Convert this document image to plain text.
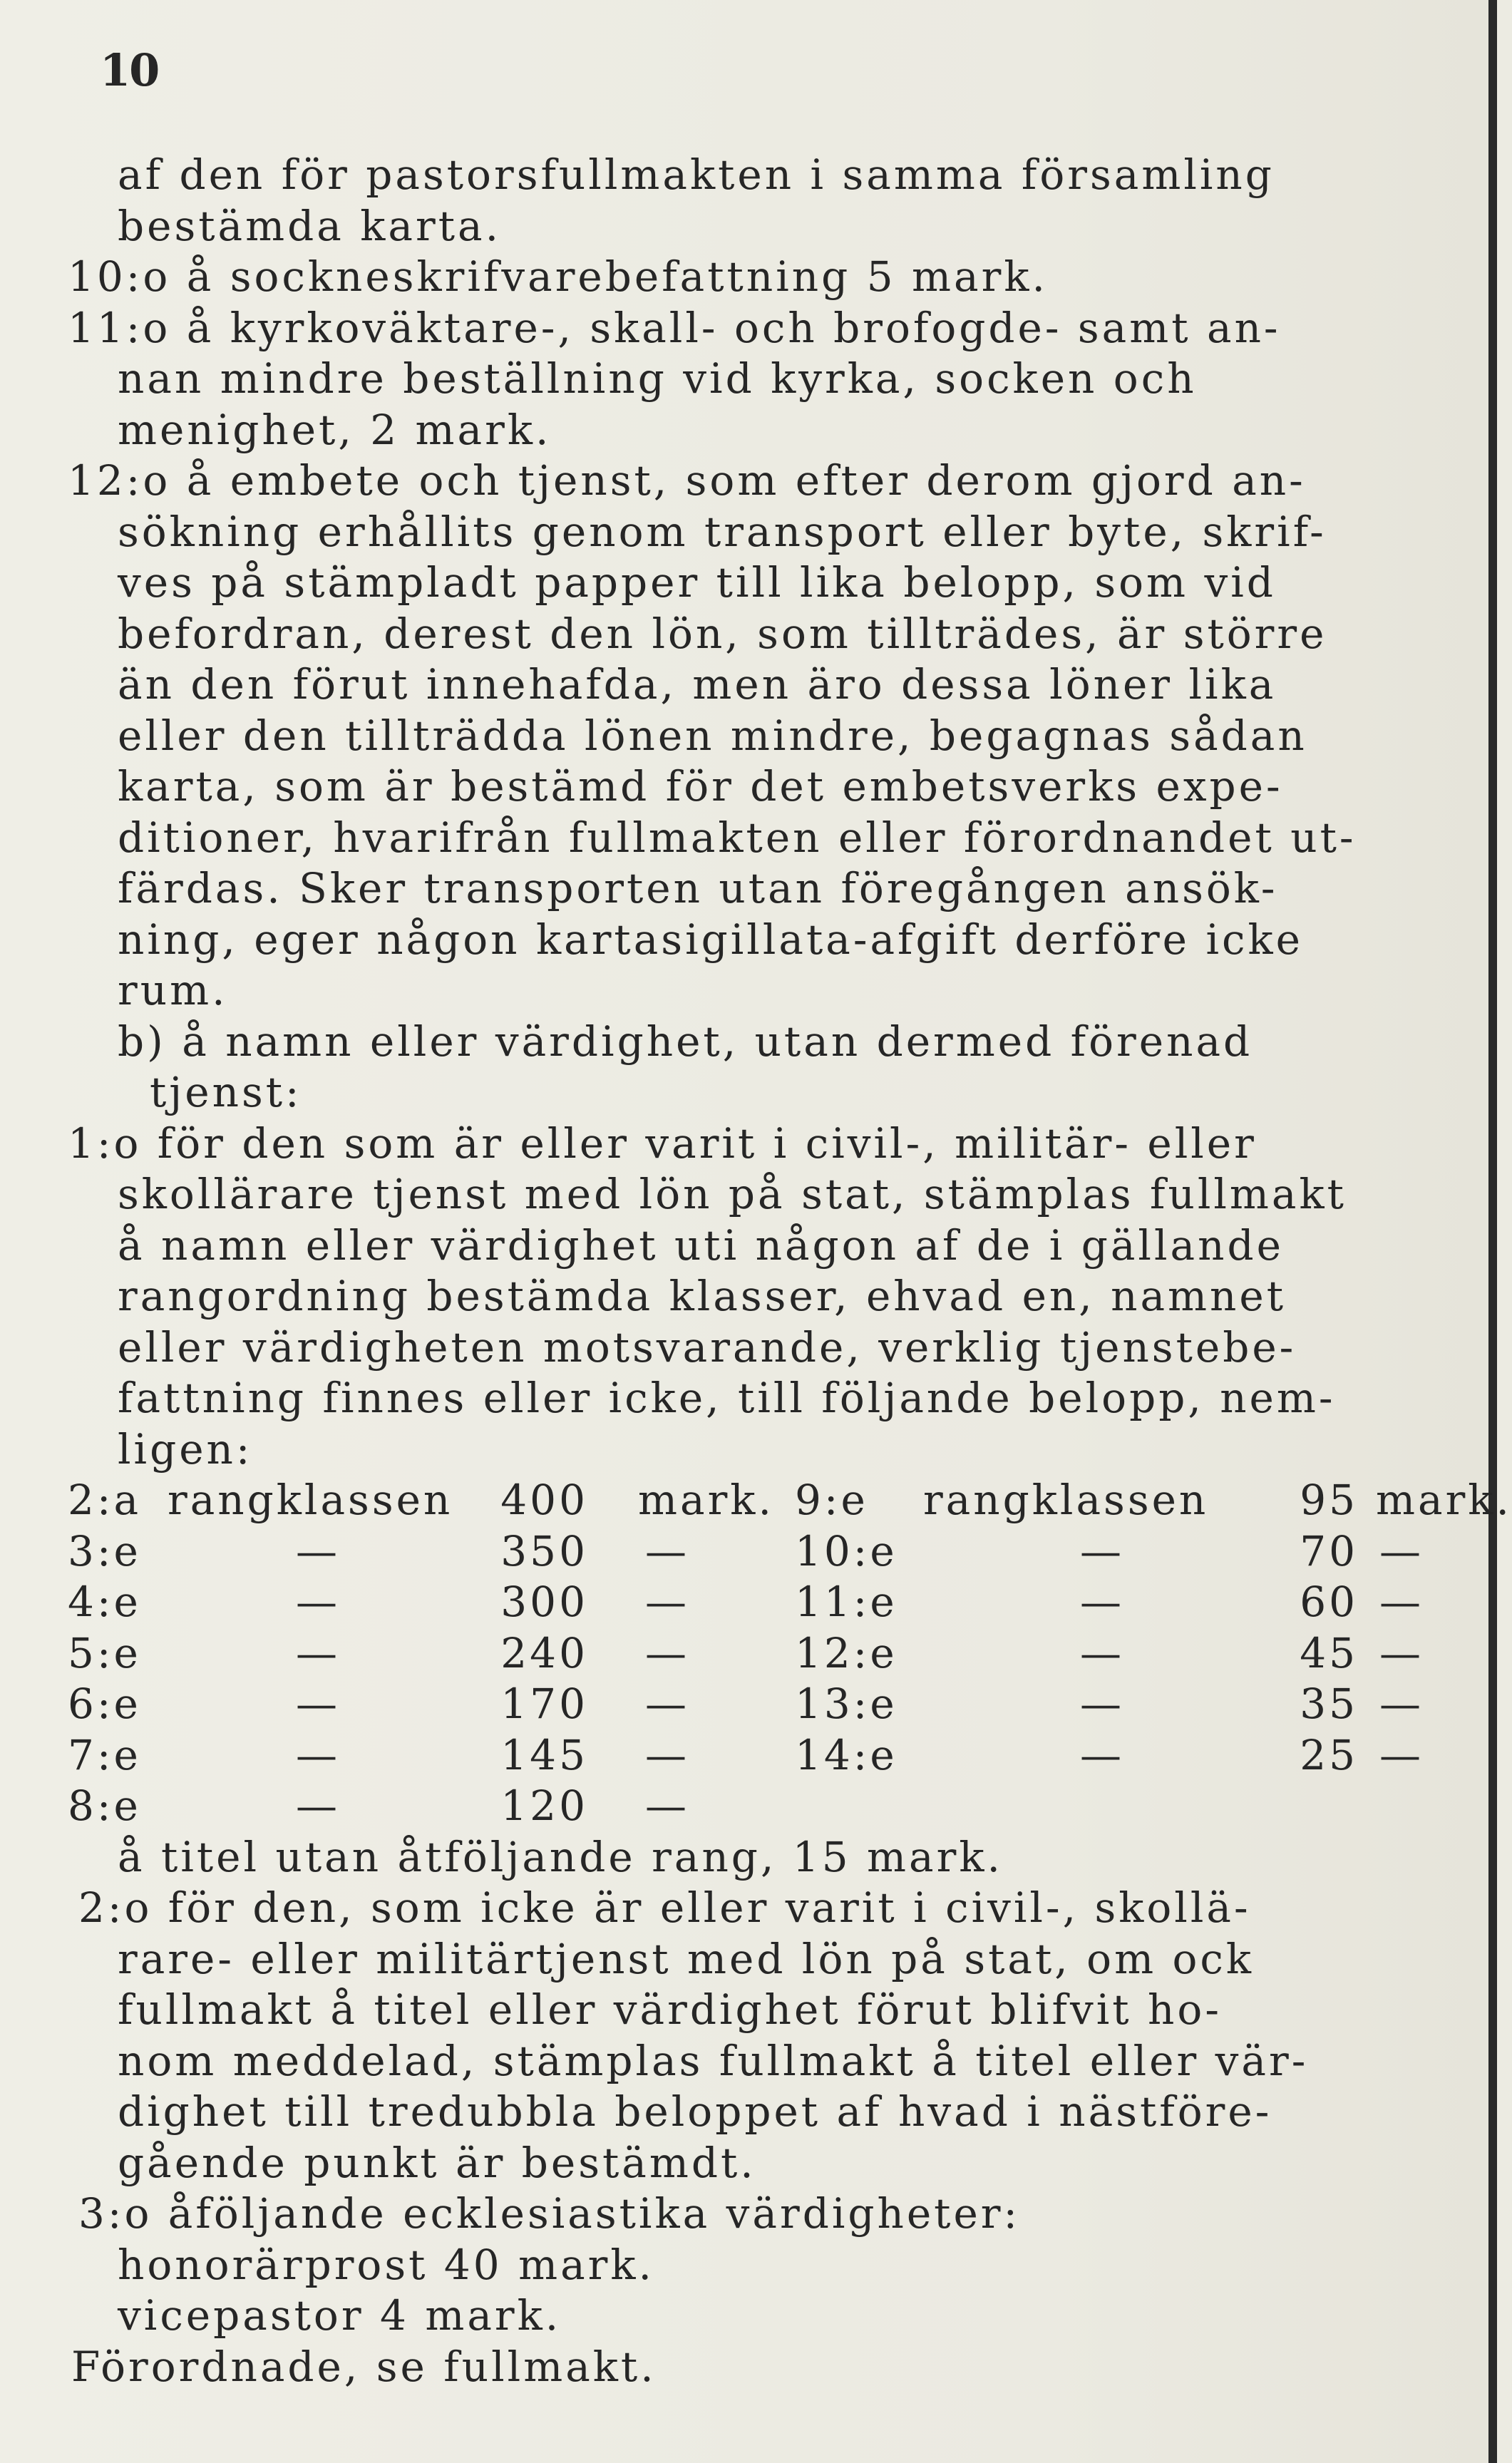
10
af den för pastorsfullmakten i samma församling
bestämda karta.
10:o å sockneskrifvarebefattning 5 mark.
11:o å kyrkoväktare-, skall- och brofogde- samt an-
nan mindre beställning vid kyrka, socken och
menighet, 2 mark.
12:o å embete och tjenst, som efter derom gjord an-
sökning erhållits genom transport eller byte, skrif-
ves på stämpladt papper till lika belopp, som vid
befordran, derest den lön, som tillträdes, är större
än den förut innehafda, men äro dessa löner lika
eller den tillträdda lönen mindre, begagnas sådan
karta, som är bestämd för det embetsverks expe-
ditioner, hvarifrån fullmakten eller förordnandet ut-
färdas. Sker transporten utan föregången ansök-
ning, eger någon kartasigillata-afgift derföre icke
rum.
b) å namn eller värdighet, utan dermed förenad
tjenst:
1:o för den som är eller varit i civil-, militär- eller
skollärare tjenst med lön på stat, stämplas fullmakt
å namn eller värdighet uti någon af de i gällande
rangordning bestämda klasser, ehvad en, namnet
eller värdigheten motsvarande, verklig tjenstebe-
fattning finnes eller icke, till följande belopp, nem-
ligen:
2:a rangklassen 400 mark. 9:e rangklassen	95 mark.
3:e	—	350 —	10:e	—	70 —
4:e	—	300 —	11:e	—	60 —
5:e	—	240 —	12:e	—	45 —
6:e	—	170 —	13:e	—	35 —
7:e	—	145 —	14:e	—	25 —
8:e	—	120 —
å titel utan åtföljande rang, 15 mark.
2:o för den, som icke är eller varit i civil-, skollä-
rare- eller militärtjenst med lön på stat, om ock
fullmakt å titel eller värdighet förut blifvit ho-
nom meddelad, stämplas fullmakt å titel eller vär-
dighet till tredubbla beloppet af hvad i nästföre-
gående punkt är bestämdt.
3:o åföljande ecklesiastika värdigheter:
honorärprost 40 mark.
vicepastor 4 mark.
Förordnade, se fullmakt.
